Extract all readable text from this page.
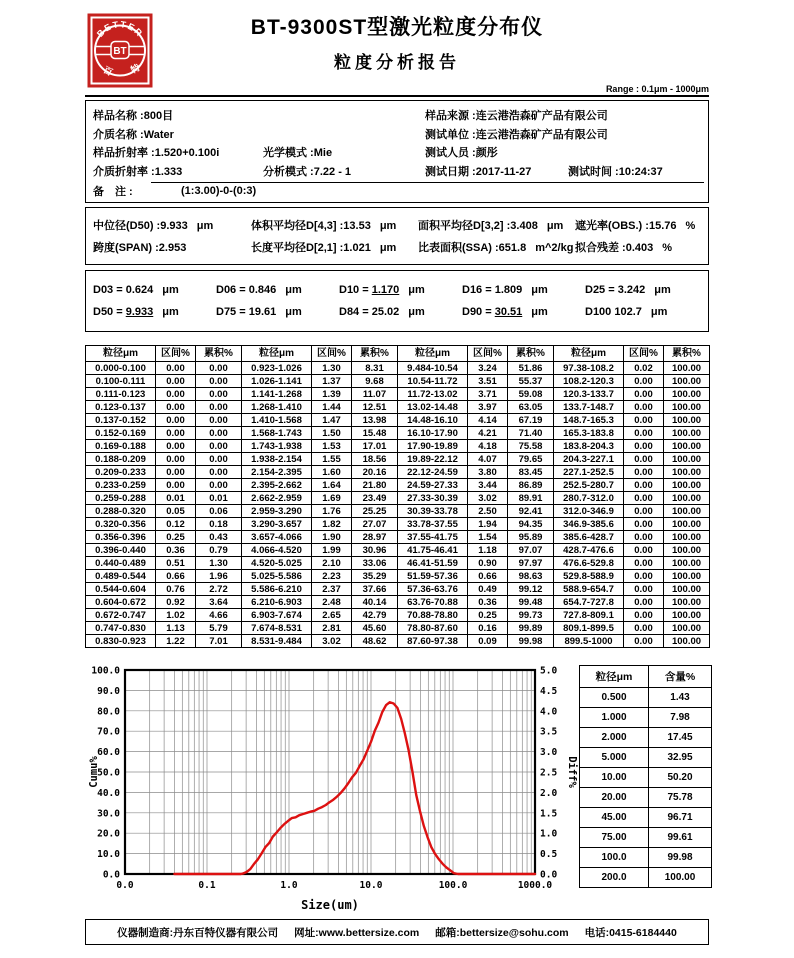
BETTER
BT
百 特
BT-9300ST型激光粒度分布仪
粒度分析报告
Range : 0.1μm - 1000μm
样品名称 :800目	样品来源 :连云港浩森矿产品有限公司
介质名称 :Water	测试单位 :连云港浩森矿产品有限公司
样品折射率 :1.520+0.100i	光学模式 :Mie	测试人员 :颜彤
介质折射率 :1.333	分析模式 :7.22 - 1	测试日期 :2017-11-27	测试时间 :10:24:37
备　注 :	(1:3.00)-0-(0:3)
中位径(D50) :9.933 μm	体积平均径D[4,3] :13.53 μm	面积平均径D[3,2] :3.408 μm	遮光率(OBS.) :15.76 %
跨度(SPAN) :2.953	长度平均径D[2,1] :1.021 μm	比表面积(SSA) :651.8 m^2/kg 拟合残差 :0.403 %
D03 = 0.624 μm	D06 = 0.846 μm	D10 = 1.170 μm	D16 = 1.809 μm	D25 = 3.242 μm
D50 = 9.933 μm	D75 = 19.61 μm	D84 = 25.02 μm	D90 = 30.51 μm	D100 102.7 μm
粒径μm	区间%	累积%	粒径μm	区间%	累积%	粒径μm	区间%	累积%	粒径μm	区间%	累积%
0.000-0.100	0.00	0.00	0.923-1.026	1.30	8.31	9.484-10.54	3.24	51.86	97.38-108.2	0.02	100.00
0.100-0.111	0.00	0.00	1.026-1.141	1.37	9.68	10.54-11.72	3.51	55.37	108.2-120.3	0.00	100.00
0.111-0.123	0.00	0.00	1.141-1.268	1.39	11.07	11.72-13.02	3.71	59.08	120.3-133.7	0.00	100.00
0.123-0.137	0.00	0.00	1.268-1.410	1.44	12.51	13.02-14.48	3.97	63.05	133.7-148.7	0.00	100.00
0.137-0.152	0.00	0.00	1.410-1.568	1.47	13.98	14.48-16.10	4.14	67.19	148.7-165.3	0.00	100.00
0.152-0.169	0.00	0.00	1.568-1.743	1.50	15.48	16.10-17.90	4.21	71.40	165.3-183.8	0.00	100.00
0.169-0.188	0.00	0.00	1.743-1.938	1.53	17.01	17.90-19.89	4.18	75.58	183.8-204.3	0.00	100.00
0.188-0.209	0.00	0.00	1.938-2.154	1.55	18.56	19.89-22.12	4.07	79.65	204.3-227.1	0.00	100.00
0.209-0.233	0.00	0.00	2.154-2.395	1.60	20.16	22.12-24.59	3.80	83.45	227.1-252.5	0.00	100.00
0.233-0.259	0.00	0.00	2.395-2.662	1.64	21.80	24.59-27.33	3.44	86.89	252.5-280.7	0.00	100.00
0.259-0.288	0.01	0.01	2.662-2.959	1.69	23.49	27.33-30.39	3.02	89.91	280.7-312.0	0.00	100.00
0.288-0.320	0.05	0.06	2.959-3.290	1.76	25.25	30.39-33.78	2.50	92.41	312.0-346.9	0.00	100.00
0.320-0.356	0.12	0.18	3.290-3.657	1.82	27.07	33.78-37.55	1.94	94.35	346.9-385.6	0.00	100.00
0.356-0.396	0.25	0.43	3.657-4.066	1.90	28.97	37.55-41.75	1.54	95.89	385.6-428.7	0.00	100.00
0.396-0.440	0.36	0.79	4.066-4.520	1.99	30.96	41.75-46.41	1.18	97.07	428.7-476.6	0.00	100.00
0.440-0.489	0.51	1.30	4.520-5.025	2.10	33.06	46.41-51.59	0.90	97.97	476.6-529.8	0.00	100.00
0.489-0.544	0.66	1.96	5.025-5.586	2.23	35.29	51.59-57.36	0.66	98.63	529.8-588.9	0.00	100.00
0.544-0.604	0.76	2.72	5.586-6.210	2.37	37.66	57.36-63.76	0.49	99.12	588.9-654.7	0.00	100.00
0.604-0.672	0.92	3.64	6.210-6.903	2.48	40.14	63.76-70.88	0.36	99.48	654.7-727.8	0.00	100.00
0.672-0.747	1.02	4.66	6.903-7.674	2.65	42.79	70.88-78.80	0.25	99.73	727.8-809.1	0.00	100.00
0.747-0.830	1.13	5.79	7.674-8.531	2.81	45.60	78.80-87.60	0.16	99.89	809.1-899.5	0.00	100.00
0.830-0.923	1.22	7.01	8.531-9.484	3.02	48.62	87.60-97.38	0.09	99.98	899.5-1000	0.00	100.00
100.0
90.0
80.0
70.0
60.0
50.0
40.0
30.0
20.0
10.0
0.0
5.0
4.5
4.0
3.5
3.0
2.5
2.0
1.5
1.0
0.5
0.0
0.0	0.1	1.0	10.0	100.0	1000.0
Size(um)
Cumu%	Diff%
粒径μm	含量%
0.500	1.43
1.000	7.98
2.000	17.45
5.000	32.95
10.00	50.20
20.00	75.78
45.00	96.71
75.00	99.61
100.0	99.98
200.0	100.00
仪器制造商:丹东百特仪器有限公司 网址:www.bettersize.com 邮箱:bettersize@sohu.com 电话:0415-6184440
